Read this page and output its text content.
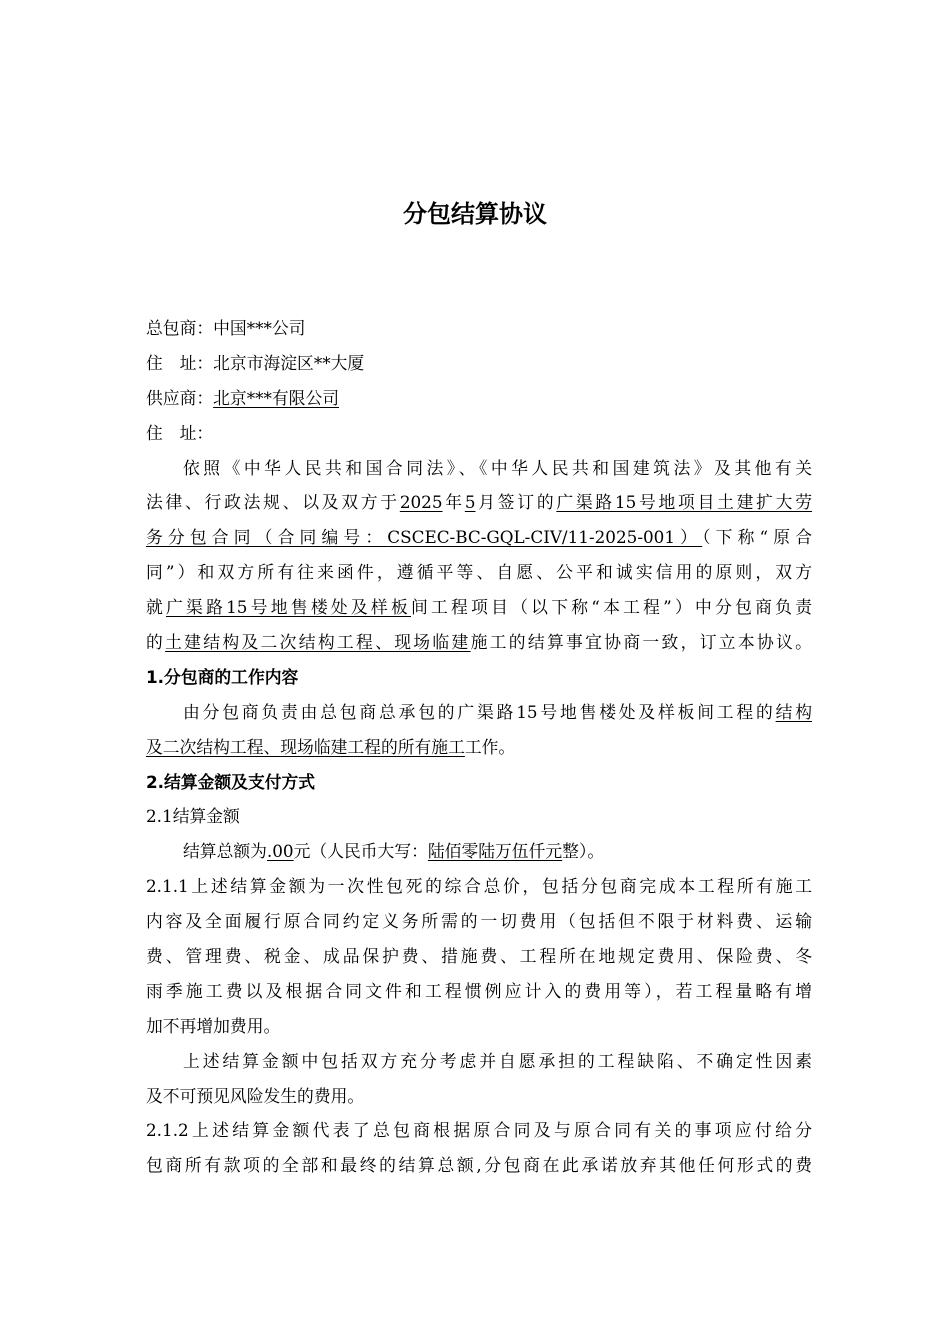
分包结算协议
总包商：中国***公司
住　址：北京市海淀区**大厦
供应商：北京***有限公司
住　址：
依照《中华人民共和国合同法》、《中华人民共和国建筑法》及其他有关
法律、行政法规、以及双方于2025年5月签订的广渠路15号地项目土建扩大劳
务分包合同（合同编号：CSCEC-BC-GQL-CIV/11-2025-001）（下称“原合
同”）和双方所有往来函件，遵循平等、自愿、公平和诚实信用的原则，双方
就广渠路15号地售楼处及样板间工程项目（以下称“本工程”）中分包商负责
的土建结构及二次结构工程、现场临建施工的结算事宜协商一致，订立本协议。
1.分包商的工作内容
由分包商负责由总包商总承包的广渠路15号地售楼处及样板间工程的结构
及二次结构工程、现场临建工程的所有施工工作。
2.结算金额及支付方式
2.1结算金额
结算总额为.00元（人民币大写：陆佰零陆万伍仟元整）。
2.1.1上述结算金额为一次性包死的综合总价，包括分包商完成本工程所有施工
内容及全面履行原合同约定义务所需的一切费用（包括但不限于材料费、运输
费、管理费、税金、成品保护费、措施费、工程所在地规定费用、保险费、冬
雨季施工费以及根据合同文件和工程惯例应计入的费用等），若工程量略有增
加不再增加费用。
上述结算金额中包括双方充分考虑并自愿承担的工程缺陷、不确定性因素
及不可预见风险发生的费用。
2.1.2上述结算金额代表了总包商根据原合同及与原合同有关的事项应付给分
包商所有款项的全部和最终的结算总额,分包商在此承诺放弃其他任何形式的费
